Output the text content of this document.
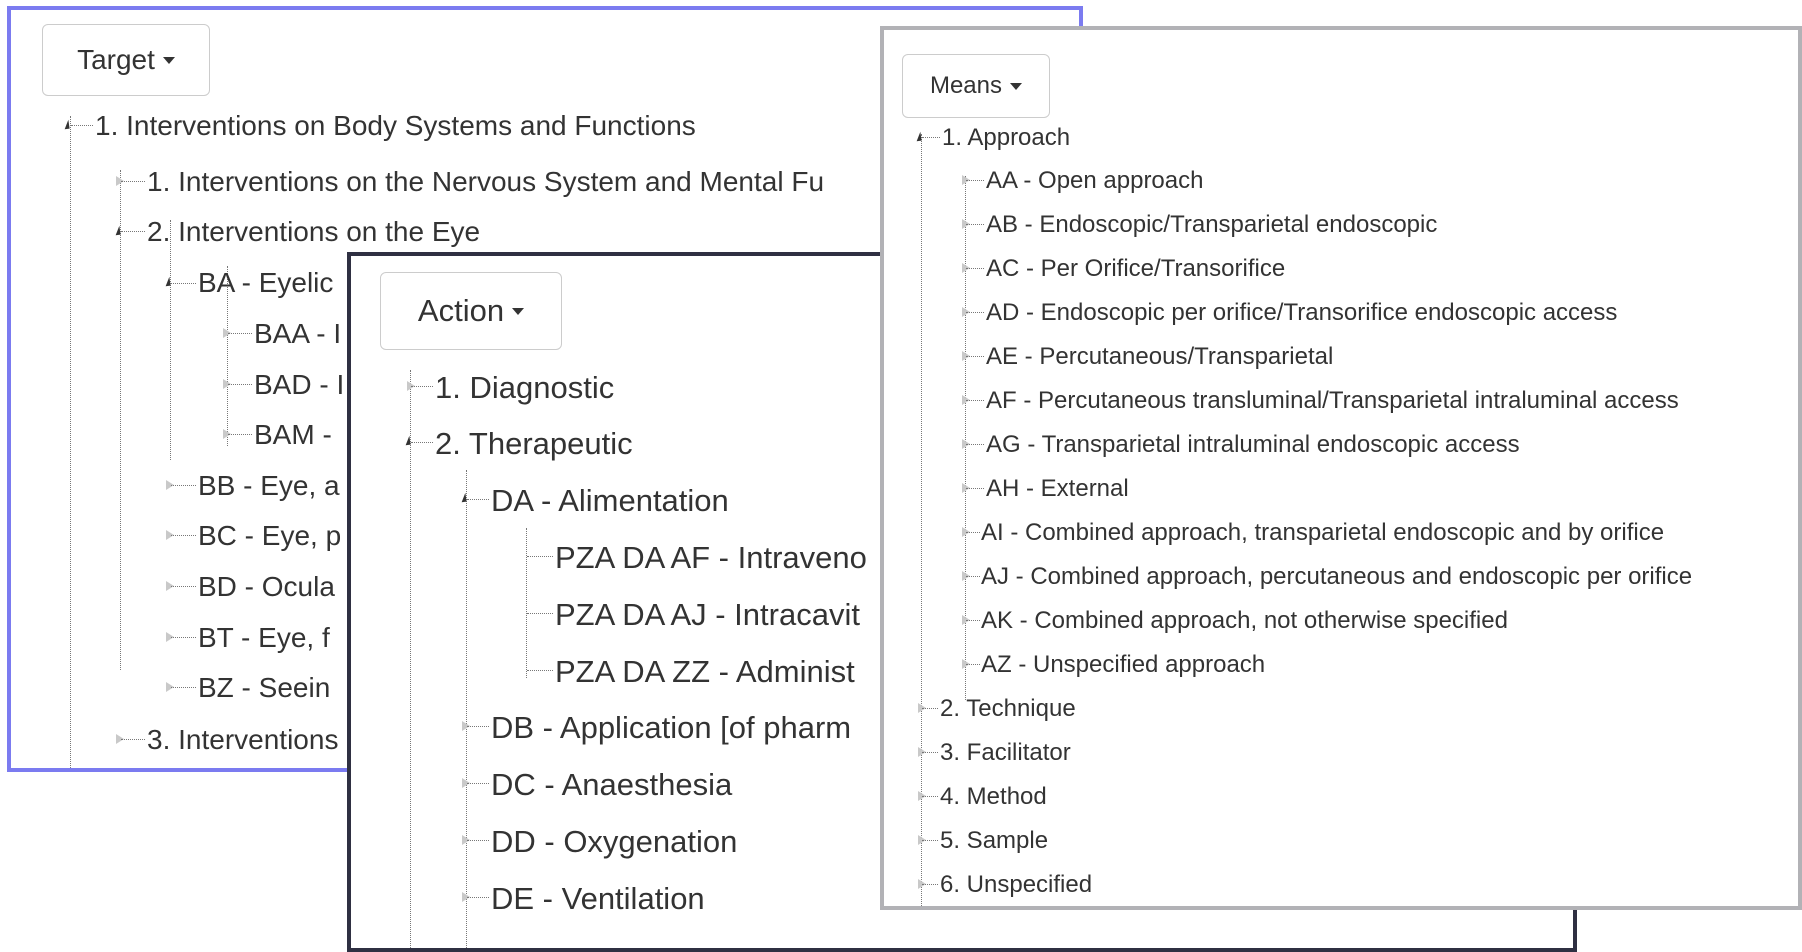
Target
1. Interventions on Body Systems and Functions
1. Interventions on the Nervous System and Mental Fu
2. Interventions on the Eye
BA - Eyelic
BAA - I
BAD - I
BAM -
BB - Eye, a
BC - Eye, p
BD - Ocula
BT - Eye, f
BZ - Seein
3. Interventions
Action
1. Diagnostic
2. Therapeutic
DA - Alimentation
PZA DA AF - Intraveno
PZA DA AJ - Intracavit
PZA DA ZZ - Administ
DB - Application [of pharm
DC - Anaesthesia
DD - Oxygenation
DE - Ventilation
Means
1. Approach
AA - Open approach
AB - Endoscopic/Transparietal endoscopic
AC - Per Orifice/Transorifice
AD - Endoscopic per orifice/Transorifice endoscopic access
AE - Percutaneous/Transparietal
AF - Percutaneous transluminal/Transparietal intraluminal access
AG - Transparietal intraluminal endoscopic access
AH - External
AI - Combined approach, transparietal endoscopic and by orifice
AJ - Combined approach, percutaneous and endoscopic per orifice
AK - Combined approach, not otherwise specified
AZ - Unspecified approach
2. Technique
3. Facilitator
4. Method
5. Sample
6. Unspecified
